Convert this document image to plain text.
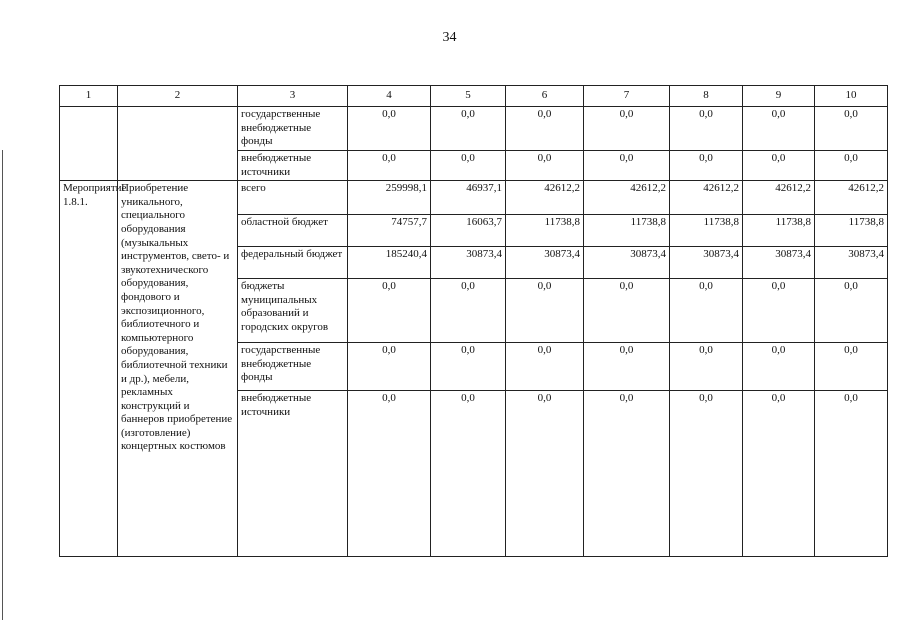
34
1	2	3	4	5	6	7	8	9	10
		государственные внебюджетные фонды	0,0	0,0	0,0	0,0	0,0	0,0	0,0
		внебюджетные источники	0,0	0,0	0,0	0,0	0,0	0,0	0,0
Мероприятие 1.8.1.	Приобретение уникального, специального оборудования (музыкальных инструментов, свето- и звукотехнического оборудования, фондового и экспозиционного, библиотечного и компьютерного оборудования, библиотечной техники и др.), мебели, рекламных конструкций и баннеров приобретение (изготовление) концертных костюмов	всего	259998,1	46937,1	42612,2	42612,2	42612,2	42612,2	42612,2
		областной бюджет	74757,7	16063,7	11738,8	11738,8	11738,8	11738,8	11738,8
		федеральный бюджет	185240,4	30873,4	30873,4	30873,4	30873,4	30873,4	30873,4
		бюджеты муниципальных образований и городских округов	0,0	0,0	0,0	0,0	0,0	0,0	0,0
		государственные внебюджетные фонды	0,0	0,0	0,0	0,0	0,0	0,0	0,0
		внебюджетные источники	0,0	0,0	0,0	0,0	0,0	0,0	0,0
